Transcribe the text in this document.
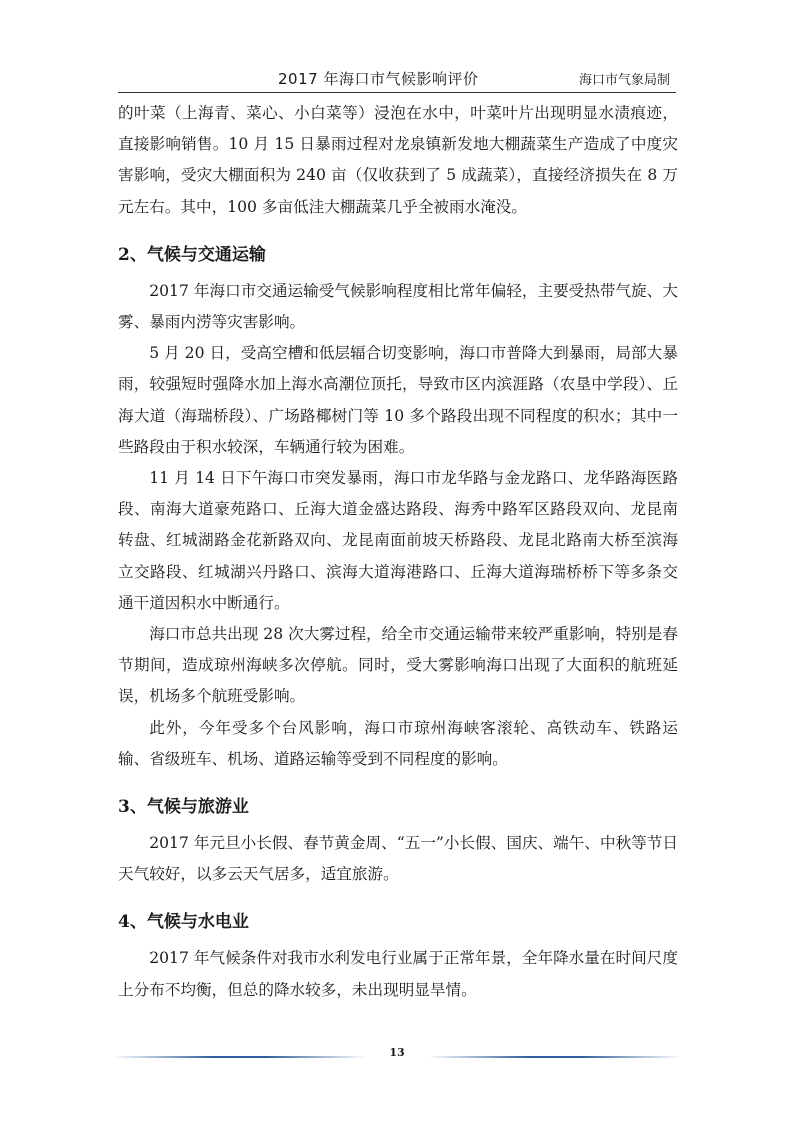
2017 年海口市气候影响评价	海口市气象局制

的叶菜（上海青、菜心、小白菜等）浸泡在水中，叶菜叶片出现明显水渍痕迹，直接影响销售。10 月 15 日暴雨过程对龙泉镇新发地大棚蔬菜生产造成了中度灾害影响，受灾大棚面积为 240 亩（仅收获到了 5 成蔬菜），直接经济损失在 8 万元左右。其中，100 多亩低洼大棚蔬菜几乎全被雨水淹没。

2、气候与交通运输

2017 年海口市交通运输受气候影响程度相比常年偏轻，主要受热带气旋、大雾、暴雨内涝等灾害影响。

5 月 20 日，受高空槽和低层辐合切变影响，海口市普降大到暴雨，局部大暴雨，较强短时强降水加上海水高潮位顶托，导致市区内滨涯路（农垦中学段）、丘海大道（海瑞桥段）、广场路椰树门等 10 多个路段出现不同程度的积水；其中一些路段由于积水较深，车辆通行较为困难。

11 月 14 日下午海口市突发暴雨，海口市龙华路与金龙路口、龙华路海医路段、南海大道豪苑路口、丘海大道金盛达路段、海秀中路军区路段双向、龙昆南转盘、红城湖路金花新路双向、龙昆南面前坡天桥路段、龙昆北路南大桥至滨海立交路段、红城湖兴丹路口、滨海大道海港路口、丘海大道海瑞桥桥下等多条交通干道因积水中断通行。

海口市总共出现 28 次大雾过程，给全市交通运输带来较严重影响，特别是春节期间，造成琼州海峡多次停航。同时，受大雾影响海口出现了大面积的航班延误，机场多个航班受影响。

此外，今年受多个台风影响，海口市琼州海峡客滚轮、高铁动车、铁路运输、省级班车、机场、道路运输等受到不同程度的影响。

3、气候与旅游业

2017 年元旦小长假、春节黄金周、“五一”小长假、国庆、端午、中秋等节日天气较好，以多云天气居多，适宜旅游。

4、气候与水电业

2017 年气候条件对我市水利发电行业属于正常年景，全年降水量在时间尺度上分布不均衡，但总的降水较多，未出现明显旱情。

13
